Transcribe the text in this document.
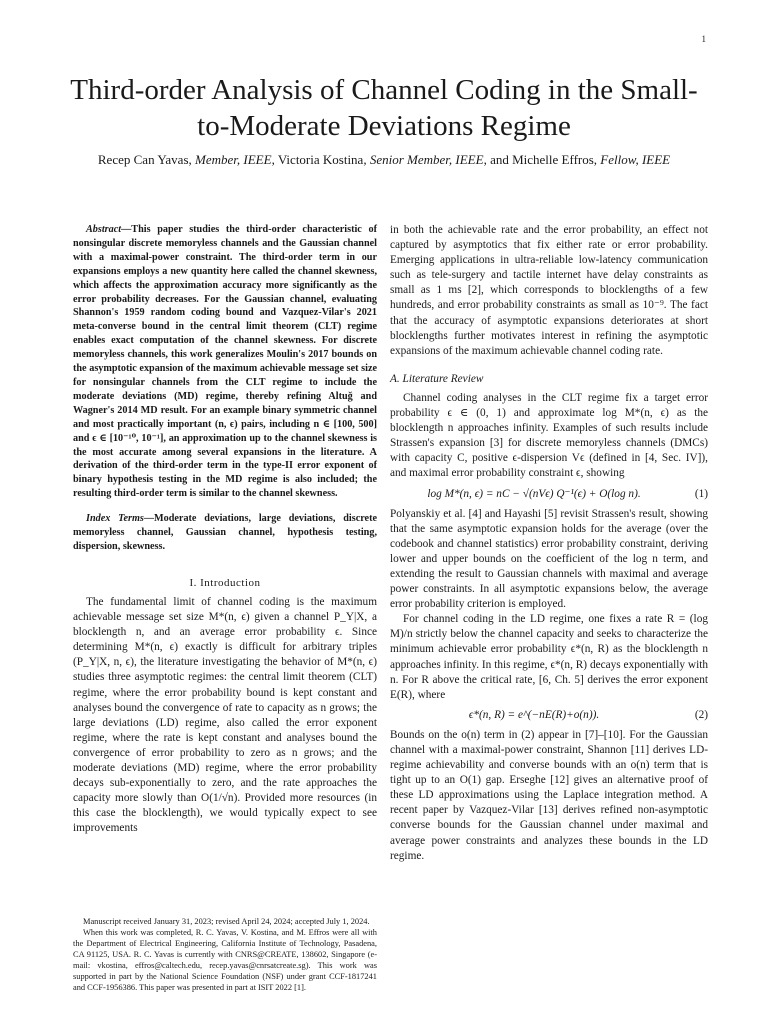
1
Third-order Analysis of Channel Coding in the Small-to-Moderate Deviations Regime
Recep Can Yavas, Member, IEEE, Victoria Kostina, Senior Member, IEEE, and Michelle Effros, Fellow, IEEE

Abstract—This paper studies the third-order characteristic of nonsingular discrete memoryless channels and the Gaussian channel with a maximal-power constraint. The third-order term in our expansions employs a new quantity here called the channel skewness, which affects the approximation accuracy more significantly as the error probability decreases. For the Gaussian channel, evaluating Shannon's 1959 random coding bound and Vazquez-Vilar's 2021 meta-converse bound in the central limit theorem (CLT) regime enables exact computation of the channel skewness. For discrete memoryless channels, this work generalizes Moulin's 2017 bounds on the asymptotic expansion of the maximum achievable message set size for nonsingular channels from the CLT regime to include the moderate deviations (MD) regime, thereby refining Altuğ and Wagner's 2014 MD result. For an example binary symmetric channel and most practically important (n, ϵ) pairs, including n ∈ [100, 500] and ϵ ∈ [10⁻¹⁰, 10⁻¹], an approximation up to the channel skewness is the most accurate among several expansions in the literature. A derivation of the third-order term in the type-II error exponent of binary hypothesis testing in the MD regime is also included; the resulting third-order term is similar to the channel skewness.

Index Terms—Moderate deviations, large deviations, discrete memoryless channel, Gaussian channel, hypothesis testing, dispersion, skewness.

I. Introduction

The fundamental limit of channel coding is the maximum achievable message set size M*(n, ϵ) given a channel P_Y|X, a blocklength n, and an average error probability ϵ. Since determining M*(n, ϵ) exactly is difficult for arbitrary triples (P_Y|X, n, ϵ), the literature investigating the behavior of M*(n, ϵ) studies three asymptotic regimes: the central limit theorem (CLT) regime, where the error probability bound is kept constant and analyses bound the convergence of rate to capacity as n grows; the large deviations (LD) regime, also called the error exponent regime, where the rate is kept constant and analyses bound the convergence of error probability to zero as n grows; and the moderate deviations (MD) regime, where the error probability decays sub-exponentially to zero, and the rate approaches the capacity more slowly than O(1/√n). Provided more resources (in this case the blocklength), we would typically expect to see improvements

Manuscript received January 31, 2023; revised April 24, 2024; accepted July 1, 2024.

When this work was completed, R. C. Yavas, V. Kostina, and M. Effros were all with the Department of Electrical Engineering, California Institute of Technology, Pasadena, CA 91125, USA. R. C. Yavas is currently with CNRS@CREATE, 138602, Singapore (e-mail: vkostina, effros@caltech.edu, recep.yavas@cnrsatcreate.sg). This work was supported in part by the National Science Foundation (NSF) under grant CCF-1817241 and CCF-1956386. This paper was presented in part at ISIT 2022 [1].

in both the achievable rate and the error probability, an effect not captured by asymptotics that fix either rate or error probability. Emerging applications in ultra-reliable low-latency communication such as tele-surgery and tactile internet have delay constraints as small as 1 ms [2], which corresponds to blocklengths of a few hundreds, and error probability constraints as small as 10⁻⁹. The fact that the accuracy of asymptotic expansions deteriorates at short blocklengths further motivates interest in refining the asymptotic expansions of the maximum achievable channel coding rate.

A. Literature Review

Channel coding analyses in the CLT regime fix a target error probability ϵ ∈ (0, 1) and approximate log M*(n, ϵ) as the blocklength n approaches infinity. Examples of such results include Strassen's expansion [3] for discrete memoryless channels (DMCs) with capacity C, positive ϵ-dispersion Vϵ (defined in [4, Sec. IV]), and maximal error probability constraint ϵ, showing

log M*(n, ϵ) = nC − √(nVϵ) Q⁻¹(ϵ) + O(log n).	(1)

Polyanskiy et al. [4] and Hayashi [5] revisit Strassen's result, showing that the same asymptotic expansion holds for the average (over the codebook and channel statistics) error probability constraint, deriving lower and upper bounds on the coefficient of the log n term, and extending the result to Gaussian channels with maximal and average power constraints. In all asymptotic expansions below, the average error probability criterion is employed.

For channel coding in the LD regime, one fixes a rate R = (log M)/n strictly below the channel capacity and seeks to characterize the minimum achievable error probability ϵ*(n, R) as the blocklength n approaches infinity. In this regime, ϵ*(n, R) decays exponentially with n. For R above the critical rate, [6, Ch. 5] derives the error exponent E(R), where

ϵ*(n, R) = e^(−nE(R)+o(n)).	(2)

Bounds on the o(n) term in (2) appear in [7]–[10]. For the Gaussian channel with a maximal-power constraint, Shannon [11] derives LD-regime achievability and converse bounds with an o(n) term that is tight up to an O(1) gap. Erseghe [12] gives an alternative proof of these LD approximations using the Laplace integration method. A recent paper by Vazquez-Vilar [13] derives refined non-asymptotic converse bounds for the Gaussian channel under maximal and average power constraints and analyzes these bounds in the LD regime.
